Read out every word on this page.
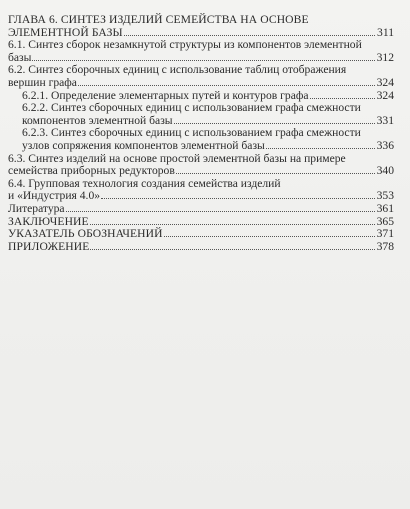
ГЛАВА 6. СИНТЕЗ ИЗДЕЛИЙ СЕМЕЙСТВА НА ОСНОВЕ
ЭЛЕМЕНТНОЙ БАЗЫ	311
6.1. Синтез сборок незамкнутой структуры из компонентов элементной
базы	312
6.2. Синтез сборочных единиц с использование таблиц отображения
вершин графа	324
6.2.1. Определение элементарных путей и контуров графа	324
6.2.2. Синтез сборочных единиц с использованием графа смежности
компонентов элементной базы	331
6.2.3. Синтез сборочных единиц с использованием графа смежности
узлов сопряжения компонентов элементной базы	336
6.3. Синтез изделий на основе простой элементной базы на примере
семейства приборных редукторов	340
6.4. Групповая технология создания семейства изделий
и «Индустрия 4.0»	353
Литература	361
ЗАКЛЮЧЕНИЕ	365
УКАЗАТЕЛЬ ОБОЗНАЧЕНИЙ	371
ПРИЛОЖЕНИЕ	378
